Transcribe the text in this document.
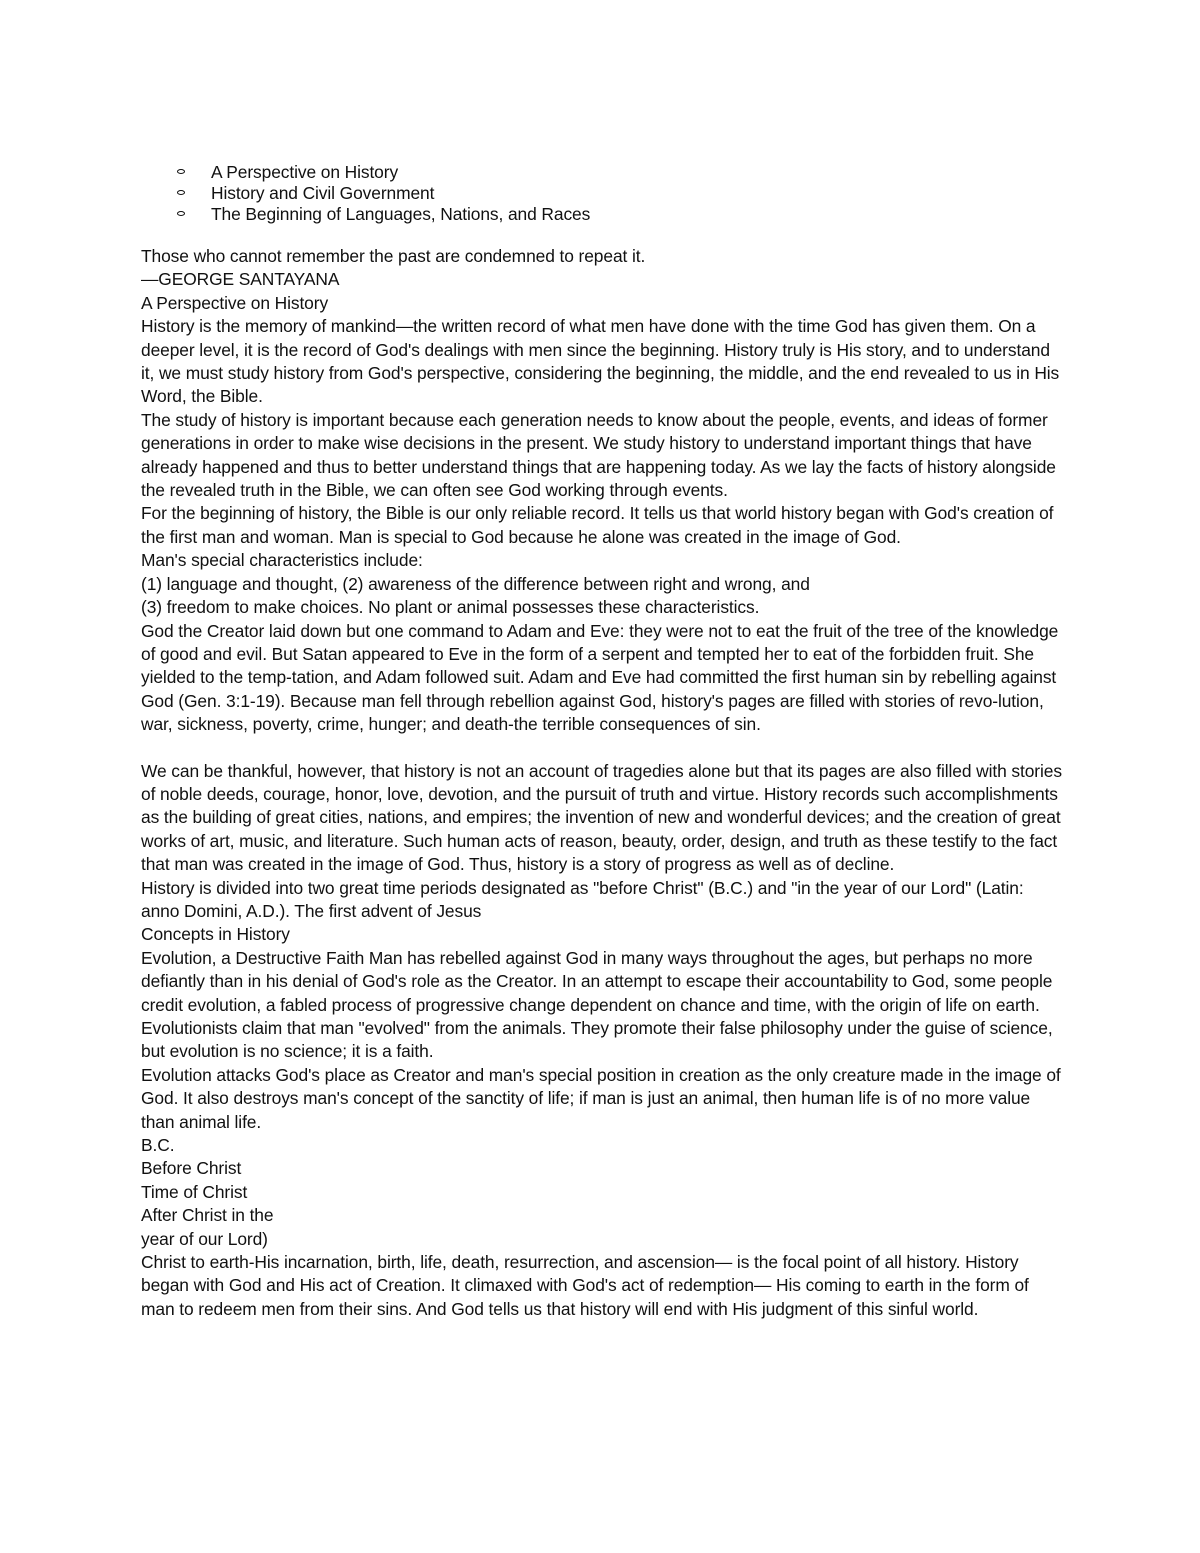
A Perspective on History
History and Civil Government
The Beginning of Languages, Nations, and Races

Those who cannot remember the past are condemned to repeat it.

—GEORGE SANTAYANA

A Perspective on History

History is the memory of mankind—the written record of what men have done with the time God has given them. On a deeper level, it is the record of God's dealings with men since the beginning. History truly is His story, and to understand it, we must study history from God's perspective, considering the beginning, the middle, and the end revealed to us in His Word, the Bible.

The study of history is important because each generation needs to know about the people, events, and ideas of former generations in order to make wise decisions in the present. We study history to understand important things that have already happened and thus to better understand things that are happening today. As we lay the facts of history alongside the revealed truth in the Bible, we can often see God working through events.

For the beginning of history, the Bible is our only reliable record. It tells us that world history began with God's creation of the first man and woman. Man is special to God because he alone was created in the image of God.

Man's special characteristics include:

(1) language and thought, (2) awareness of the difference between right and wrong, and

(3) freedom to make choices. No plant or animal possesses these characteristics.

God the Creator laid down but one command to Adam and Eve: they were not to eat the fruit of the tree of the knowledge of good and evil. But Satan appeared to Eve in the form of a serpent and tempted her to eat of the forbidden fruit. She yielded to the temp-tation, and Adam followed suit. Adam and Eve had committed the first human sin by rebelling against God (Gen. 3:1-19). Because man fell through rebellion against God, history's pages are filled with stories of revo-lution, war, sickness, poverty, crime, hunger; and death-the terrible consequences of sin.

We can be thankful, however, that history is not an account of tragedies alone but that its pages are also filled with stories of noble deeds, courage, honor, love, devotion, and the pursuit of truth and virtue. History records such accomplishments as the building of great cities, nations, and empires; the invention of new and wonderful devices; and the creation of great works of art, music, and literature. Such human acts of reason, beauty, order, design, and truth as these testify to the fact that man was created in the image of God. Thus, history is a story of progress as well as of decline.

History is divided into two great time periods designated as "before Christ" (B.C.) and "in the year of our Lord" (Latin: anno Domini, A.D.). The first advent of Jesus

Concepts in History

Evolution, a Destructive Faith Man has rebelled against God in many ways throughout the ages, but perhaps no more defiantly than in his denial of God's role as the Creator. In an attempt to escape their accountability to God, some people credit evolution, a fabled process of progressive change dependent on chance and time, with the origin of life on earth.

Evolutionists claim that man "evolved" from the animals. They promote their false philosophy under the guise of science, but evolution is no science; it is a faith.

Evolution attacks God's place as Creator and man's special position in creation as the only creature made in the image of God. It also destroys man's concept of the sanctity of life; if man is just an animal, then human life is of no more value than animal life.

B.C.

Before Christ

Time of Christ

After Christ in the

year of our Lord)

Christ to earth-His incarnation, birth, life, death, resurrection, and ascension— is the focal point of all history. History began with God and His act of Creation. It climaxed with God's act of redemption— His coming to earth in the form of man to redeem men from their sins. And God tells us that history will end with His judgment of this sinful world.
